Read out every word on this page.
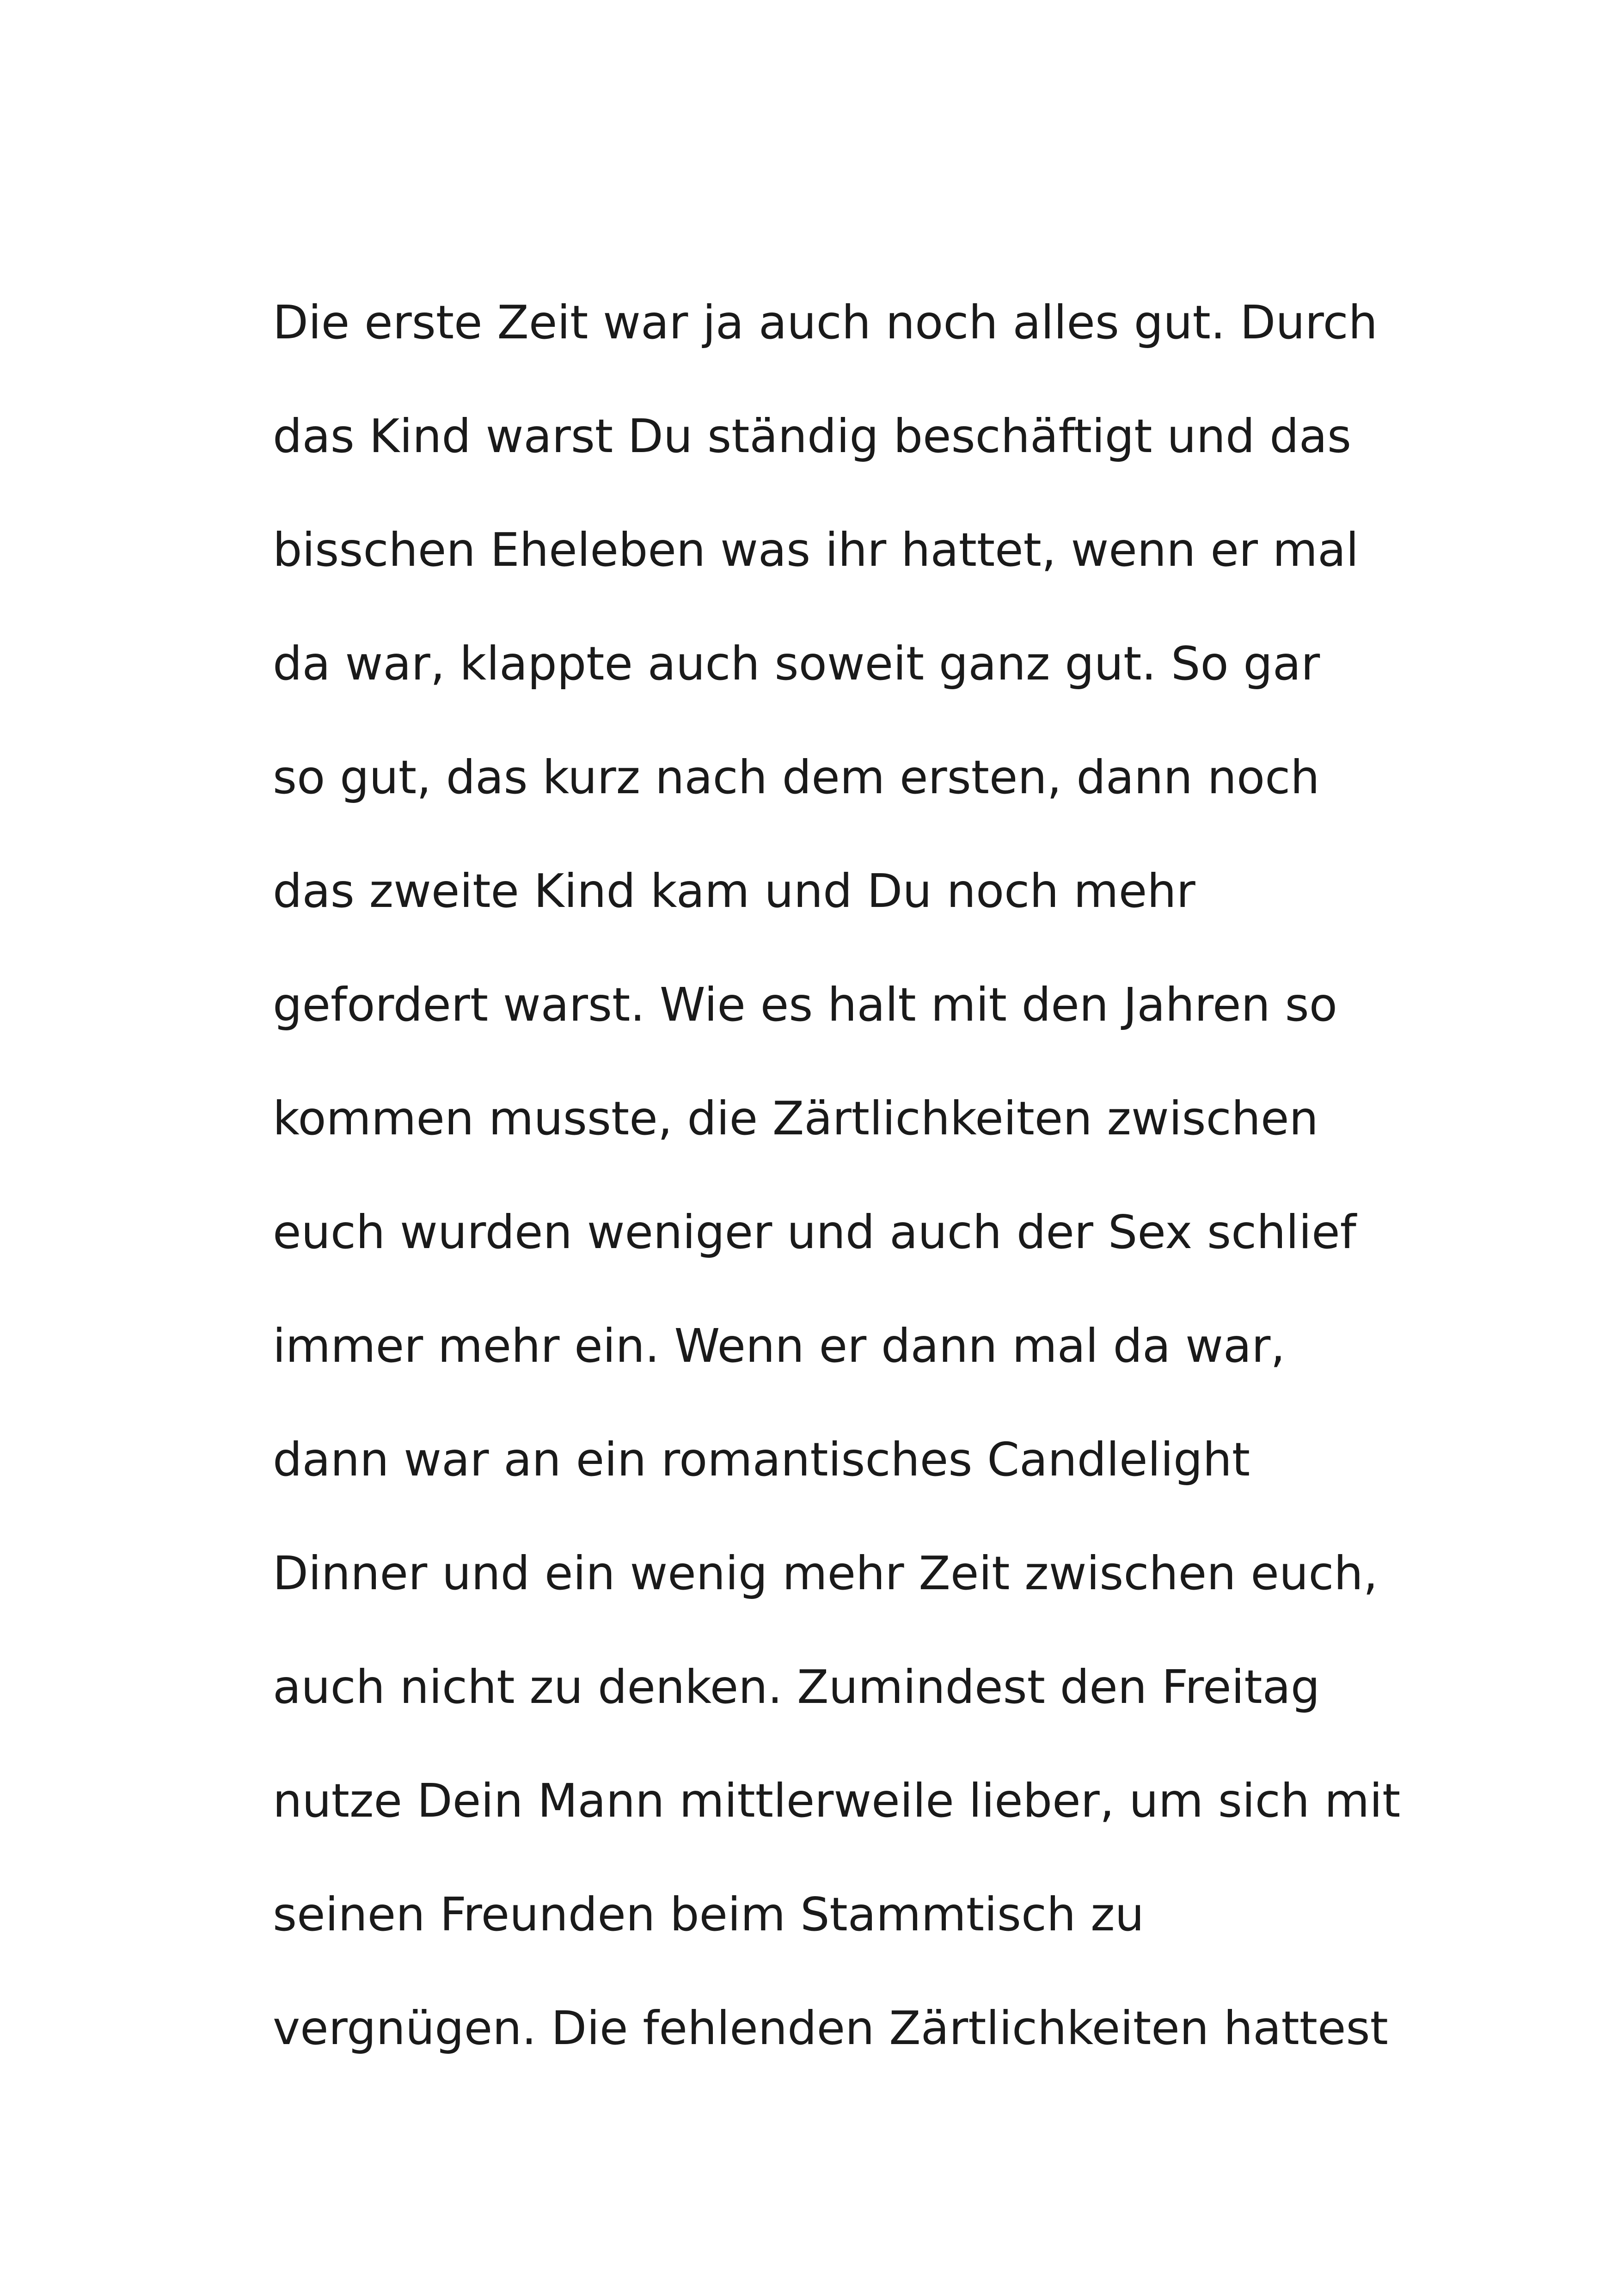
Die erste Zeit war ja auch noch alles gut. Durch
das Kind warst Du ständig beschäftigt und das
bisschen Eheleben was ihr hattet, wenn er mal
da war, klappte auch soweit ganz gut. So gar
so gut, das kurz nach dem ersten, dann noch
das zweite Kind kam und Du noch mehr
gefordert warst. Wie es halt mit den Jahren so
kommen musste, die Zärtlichkeiten zwischen
euch wurden weniger und auch der Sex schlief
immer mehr ein. Wenn er dann mal da war,
dann war an ein romantisches Candlelight
Dinner und ein wenig mehr Zeit zwischen euch,
auch nicht zu denken. Zumindest den Freitag
nutze Dein Mann mittlerweile lieber, um sich mit
seinen Freunden beim Stammtisch zu
vergnügen. Die fehlenden Zärtlichkeiten hattest
